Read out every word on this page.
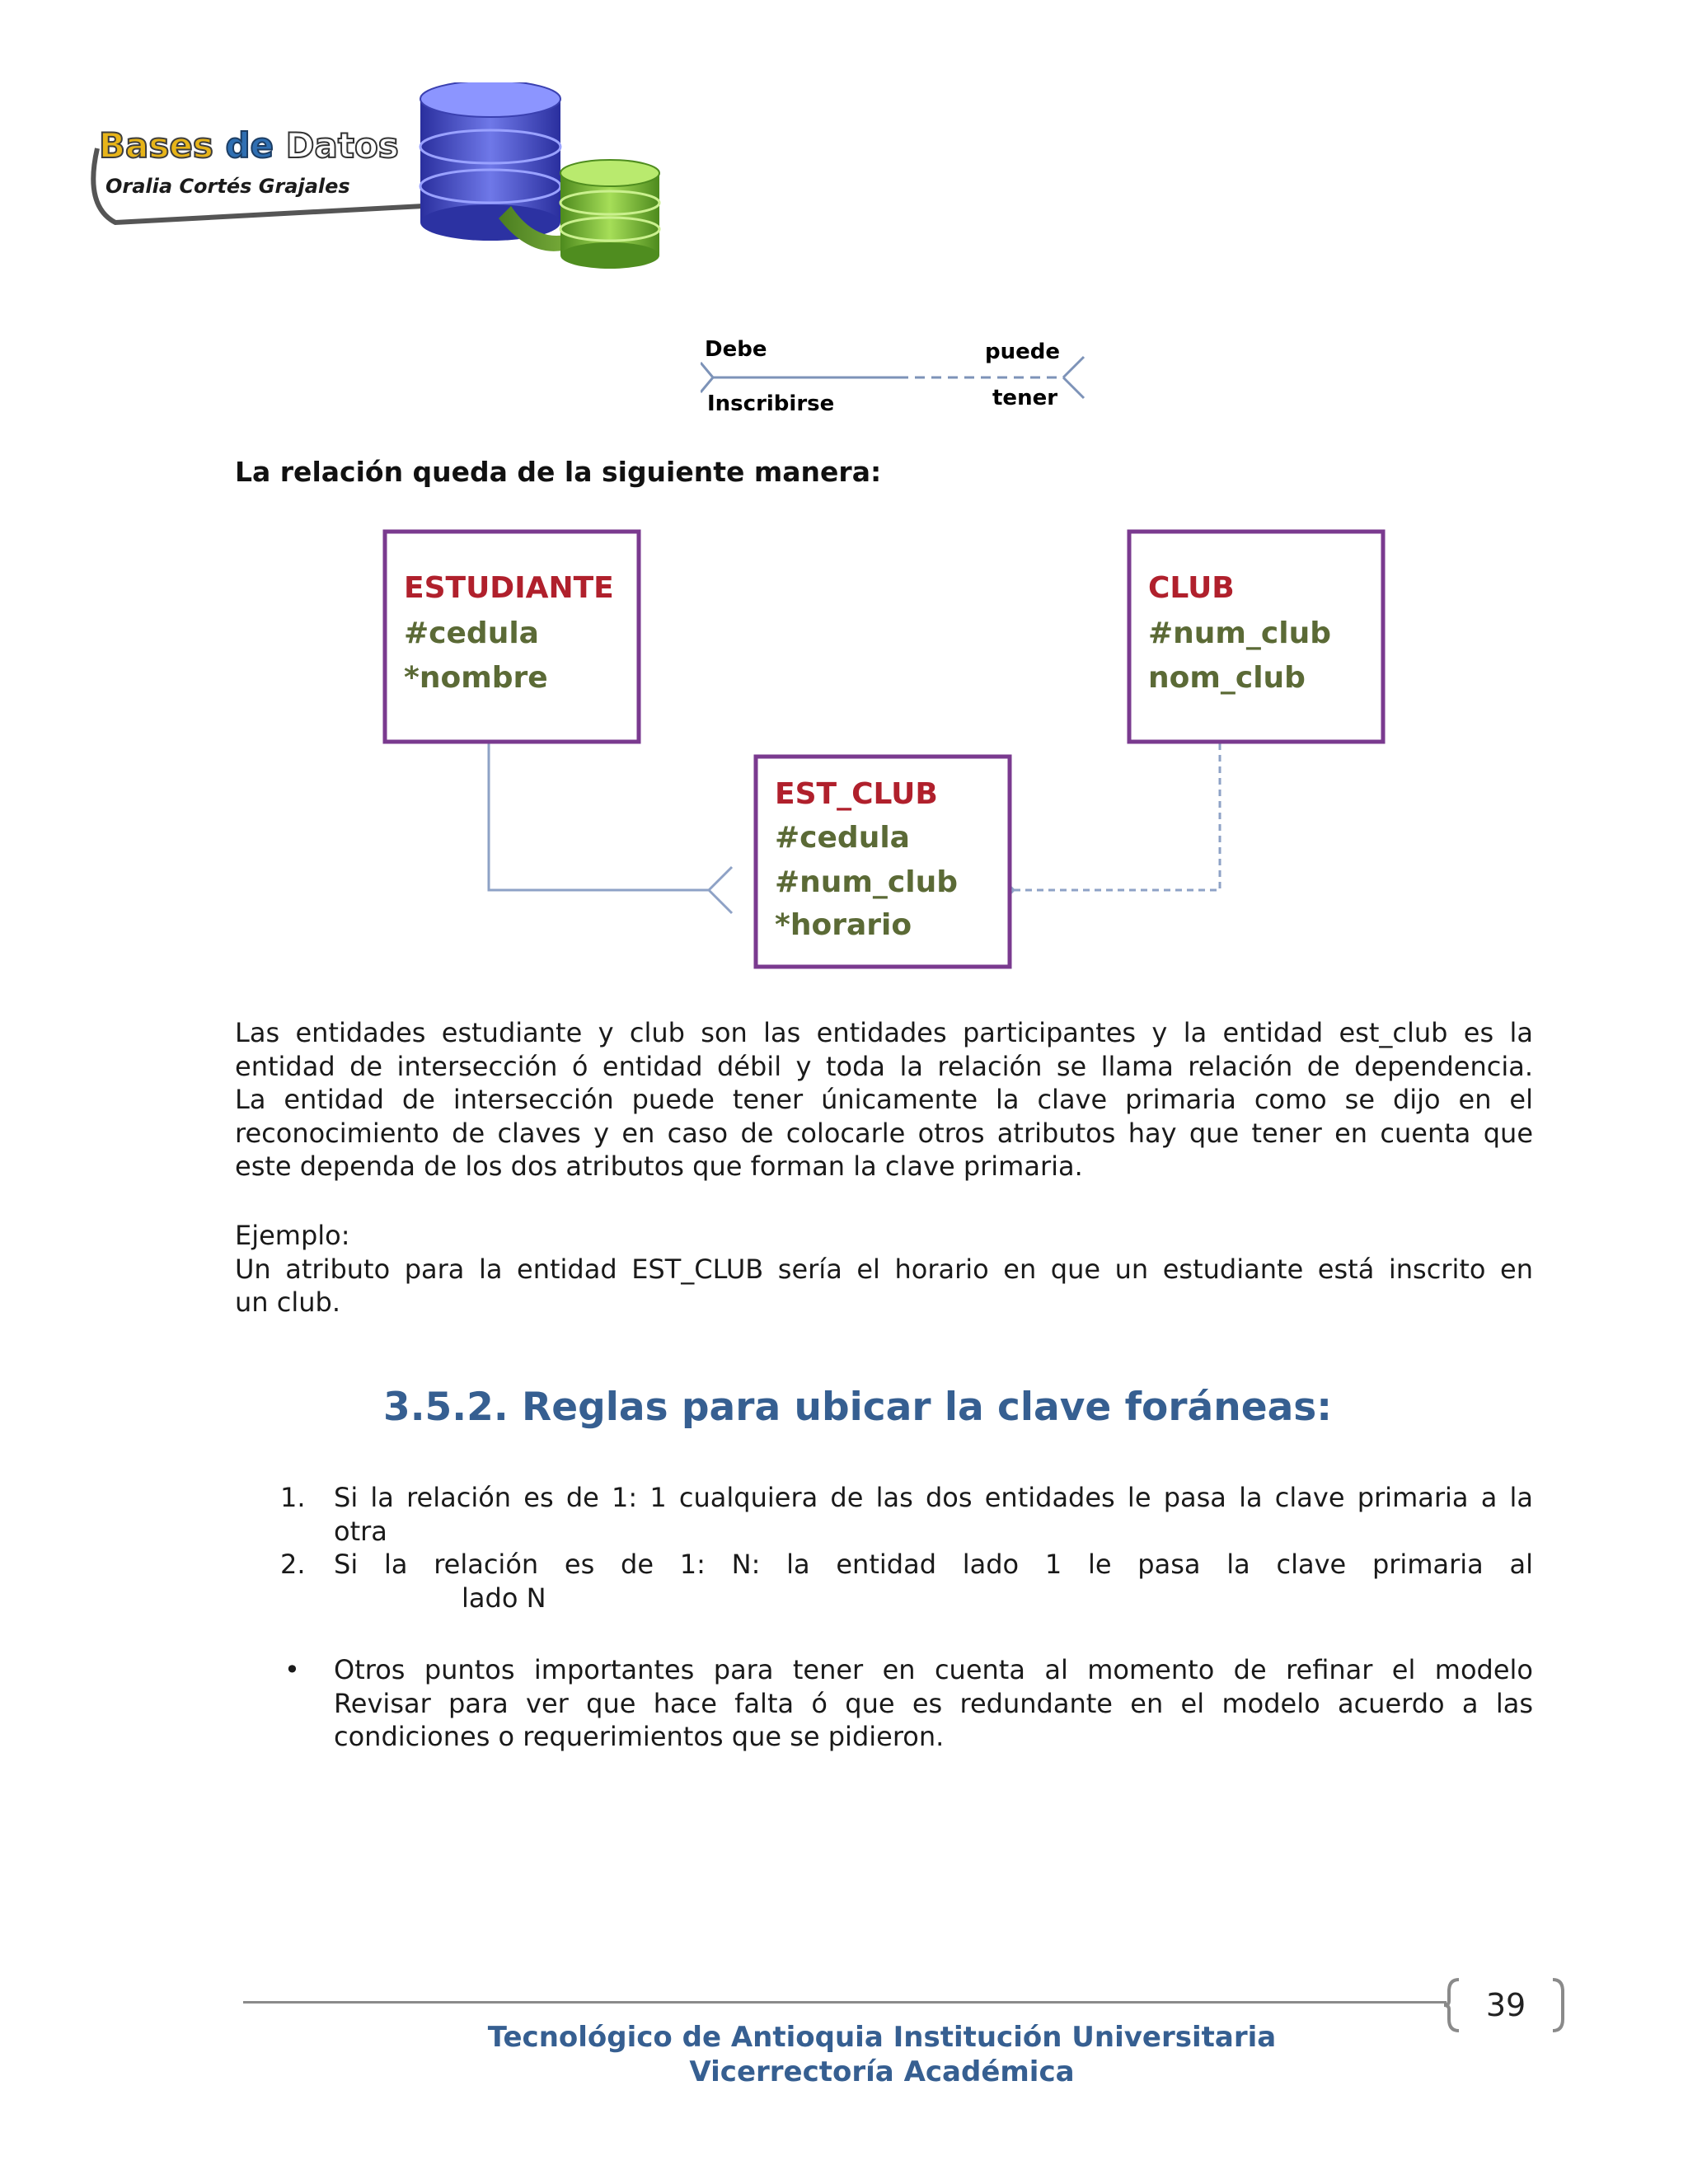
Bases de Datos
Oralia Cortés Grajales
Debe
Inscribirse
puede
tener
La relación queda de la siguiente manera:
ESTUDIANTE
#cedula
*nombre
CLUB
#num_club
nom_club
EST_CLUB
#cedula
#num_club
*horario
Las entidades estudiante y club son las entidades participantes y la entidad est_club es la
entidad de intersección ó entidad débil y toda la relación se llama relación de dependencia.
La entidad de intersección puede tener únicamente la clave primaria como se dijo en el
reconocimiento de claves y en caso de colocarle otros atributos hay que tener en cuenta que
este dependa de los dos atributos que forman la clave primaria.
Ejemplo:
Un atributo para la entidad EST_CLUB sería el horario en que un estudiante está inscrito en
un club.
3.5.2. Reglas para ubicar la clave foráneas:
1.	Si la relación es de 1: 1 cualquiera de las dos entidades le pasa la clave primaria a la
otra
2.	Si la relación es de 1: N: la entidad lado 1 le pasa la clave primaria al
lado N
•	Otros puntos importantes para tener en cuenta al momento de refinar el modelo
Revisar para ver que hace falta ó que es redundante en el modelo acuerdo a las
condiciones o requerimientos que se pidieron.
39
Tecnológico de Antioquia Institución Universitaria
Vicerrectoría Académica
